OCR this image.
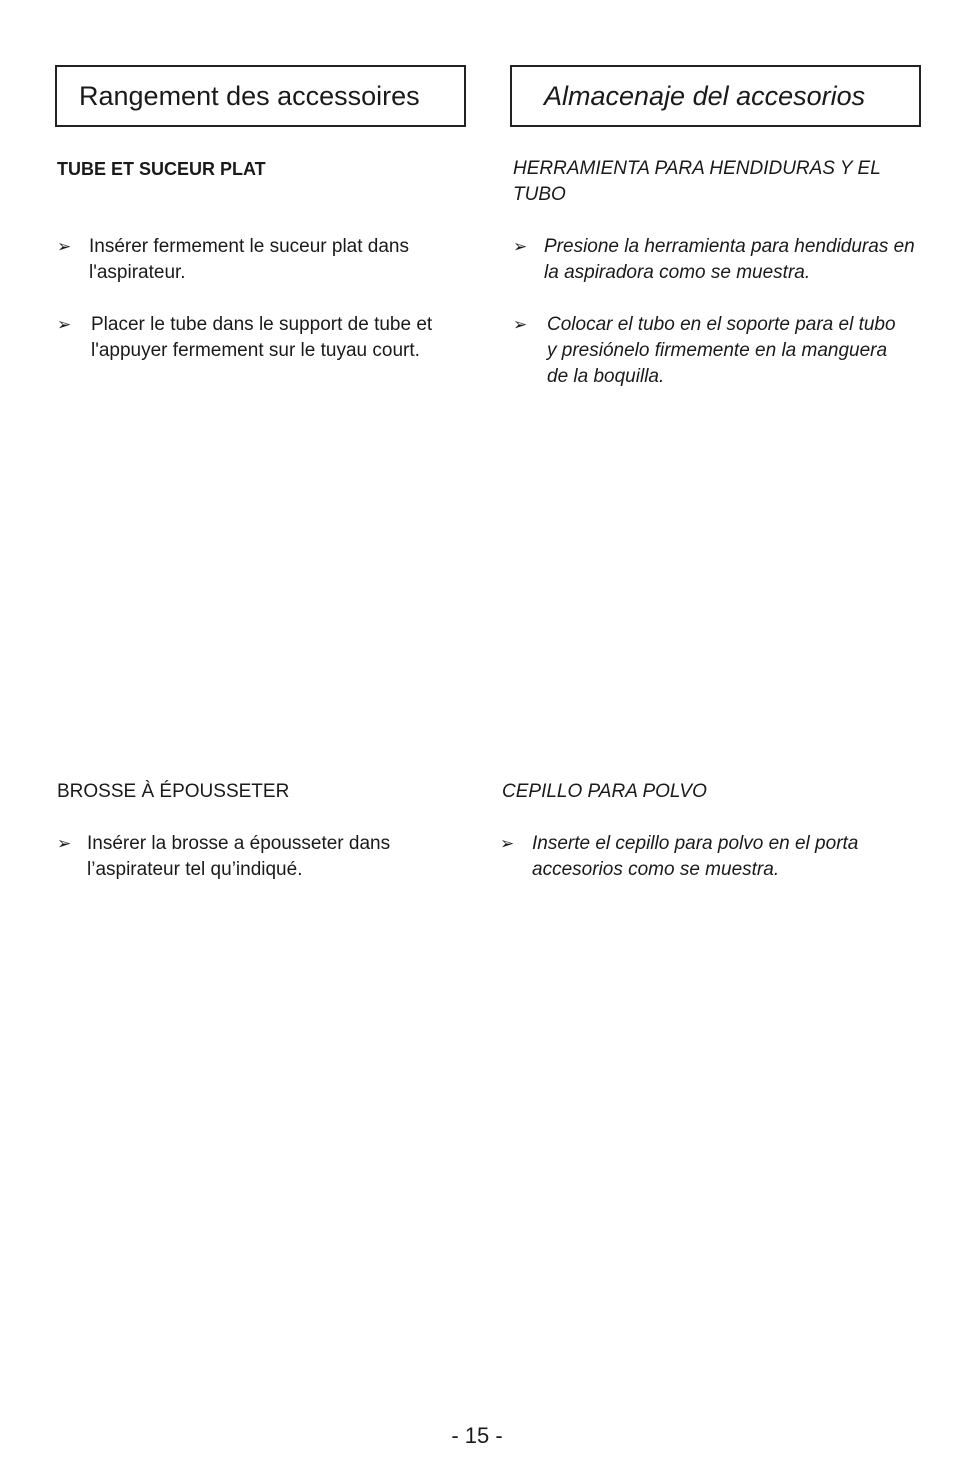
Rangement des accessoires	Almacenaje del accesorios
TUBE ET SUCEUR PLAT
➢ Insérer fermement le suceur plat dans l'aspirateur.
➢	Placer le tube dans le support de tube et l'appuyer fermement sur le tuyau court.
HERRAMIENTA PARA HENDIDURAS Y EL TUBO
➢ Presione la herramienta para hendiduras en la aspiradora como se muestra.
➢	Colocar el tubo en el soporte para el tubo y presiónelo firmemente en la manguera de la boquilla.
BROSSE À ÉPOUSSETER
➢ Insérer la brosse a épousseter dans l’aspirateur tel qu’indiqué.
CEPILLO PARA POLVO
➢ Inserte el cepillo para polvo en el porta accesorios como se muestra.
- 15 -
